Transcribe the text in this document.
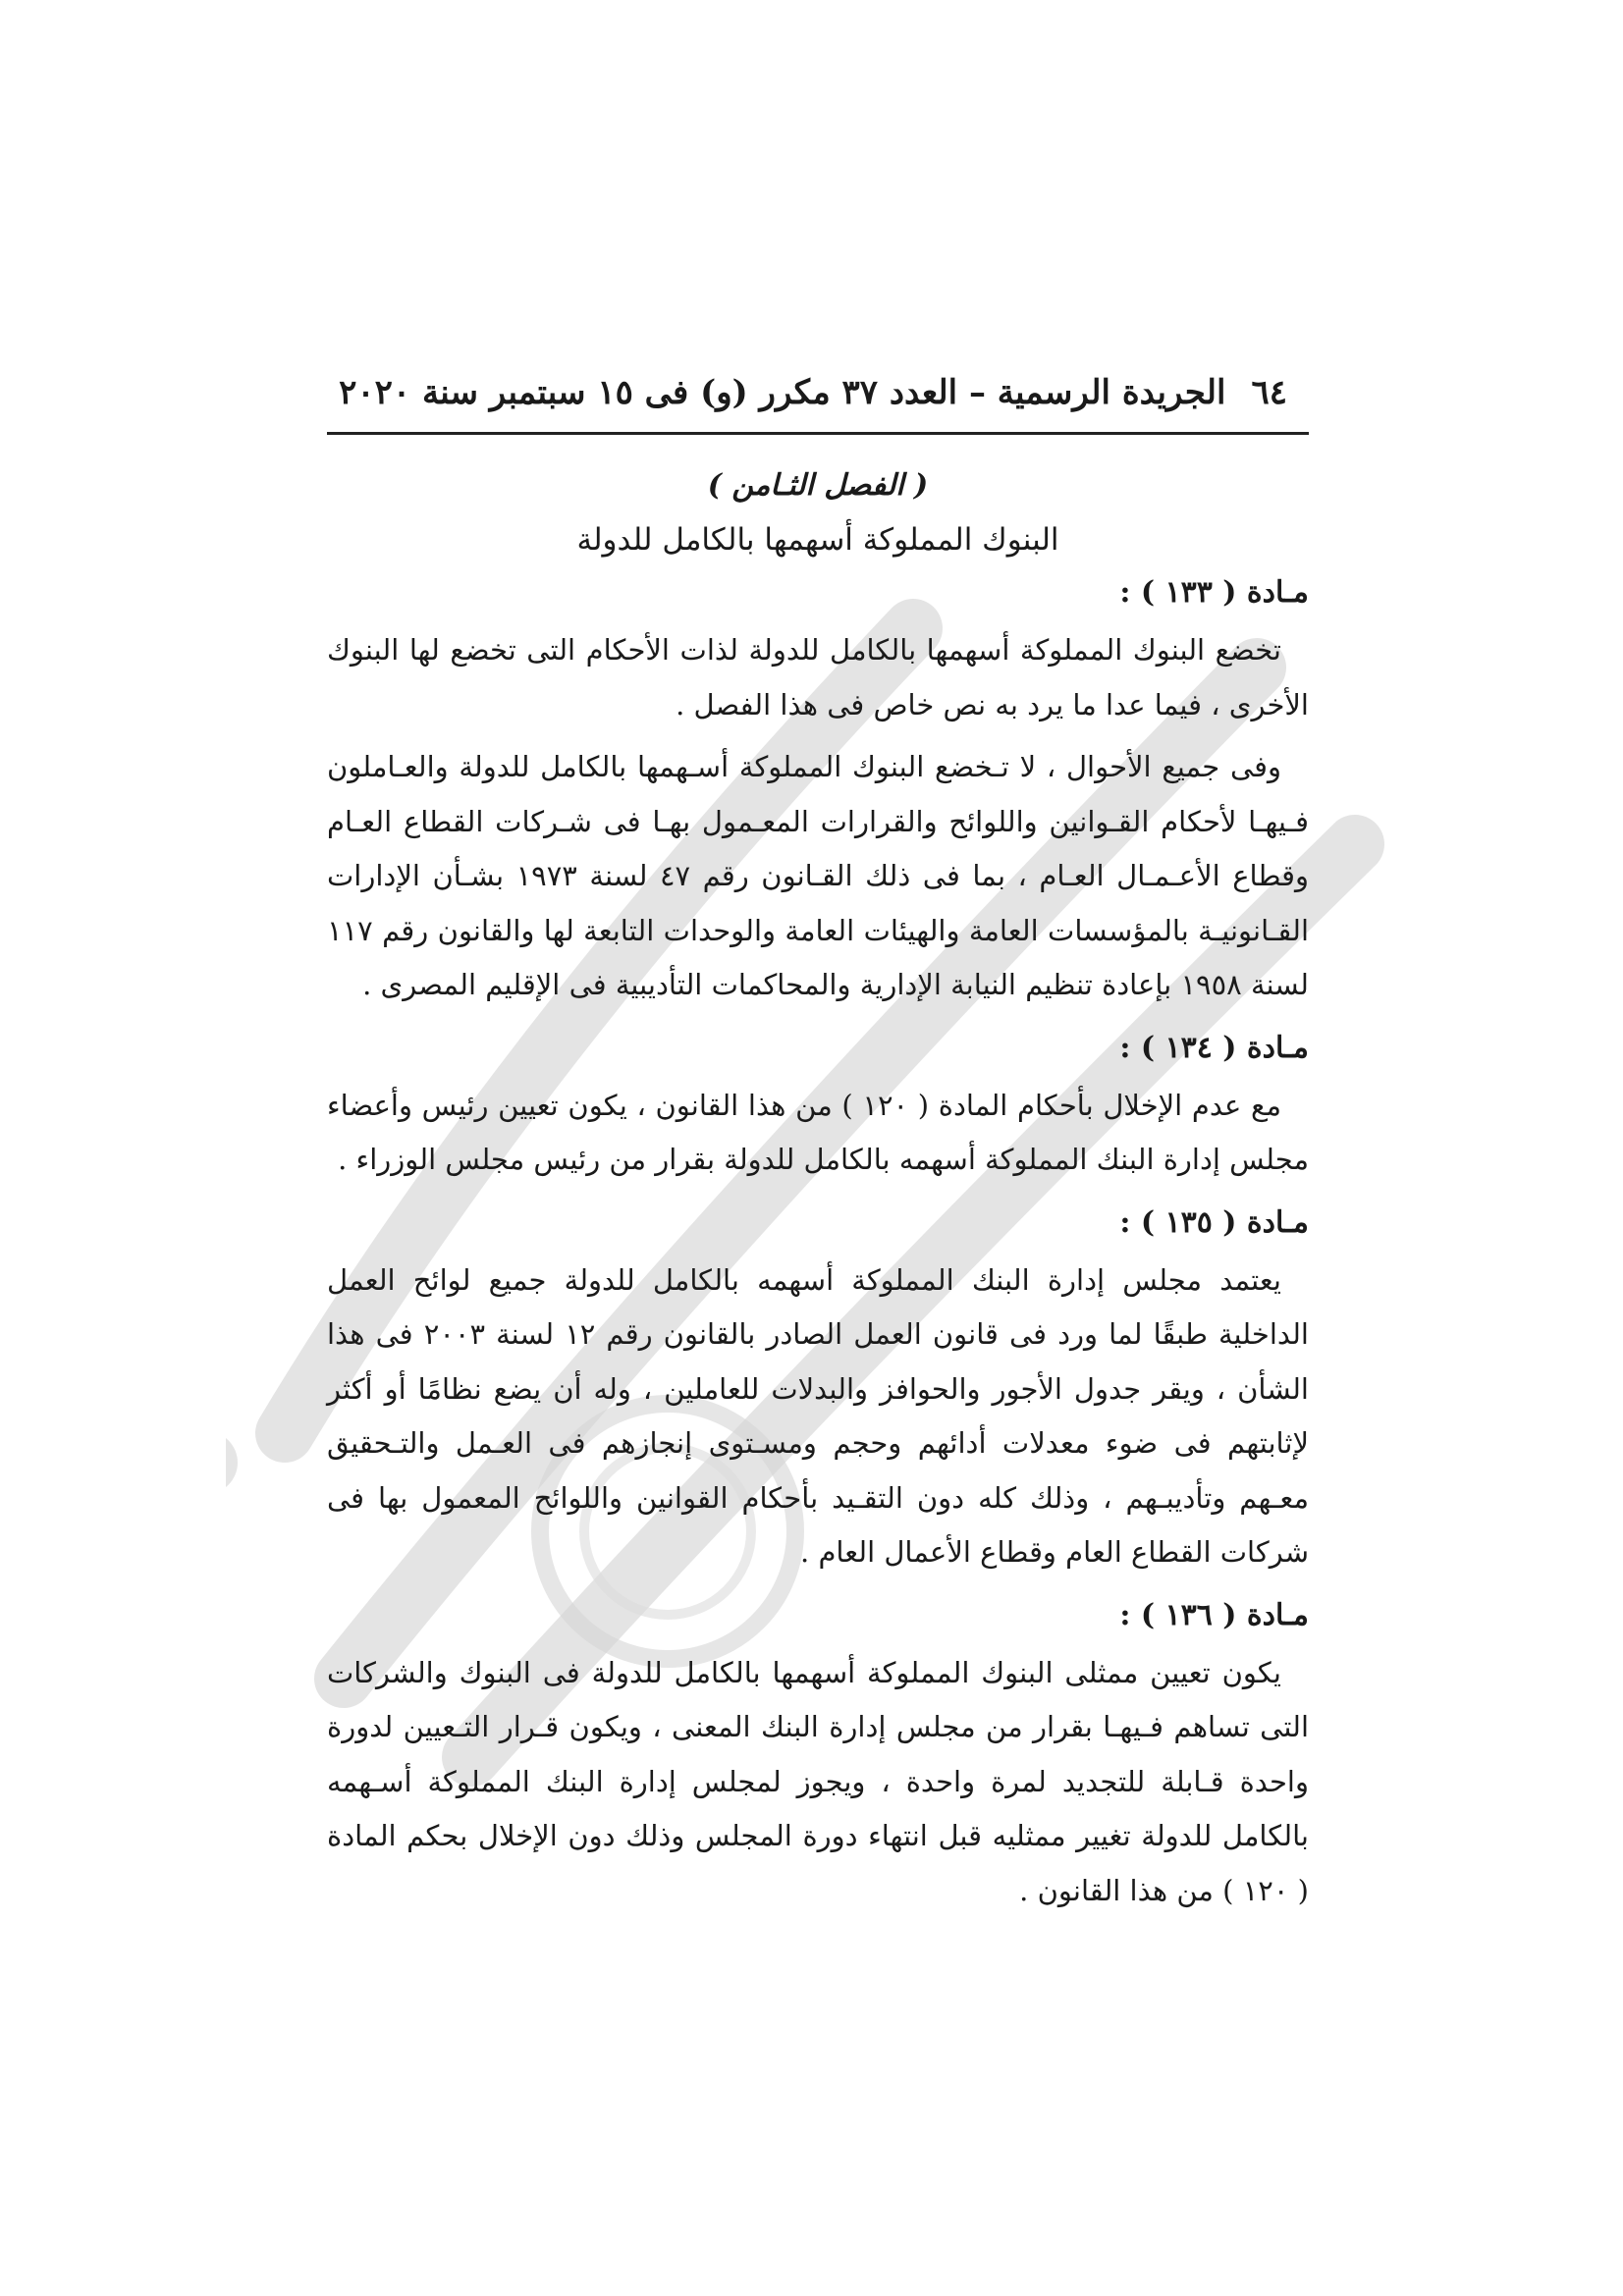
٦٤
الجريدة الرسمية – العدد ٣٧ مكرر (و) فى ١٥ سبتمبر سنة ٢٠٢٠
( الفصل الثـامن )
البنوك المملوكة أسهمها بالكامل للدولة
مـادة ( ١٣٣ ) :

تخضع البنوك المملوكة أسهمها بالكامل للدولة لذات الأحكام التى تخضع لها البنوك الأخرى ، فيما عدا ما يرد به نص خاص فى هذا الفصل .

وفى جميع الأحوال ، لا تـخضع البنوك المملوكة أسـهمها بالكامل للدولة والعـاملون فـيهـا لأحكام القـوانين واللوائح والقرارات المعـمول بهـا فى شـركات القطاع العـام وقطاع الأعـمـال العـام ، بما فى ذلك القـانون رقم ٤٧ لسنة ١٩٧٣ بشـأن الإدارات القـانونيـة بالمؤسسات العامة والهيئات العامة والوحدات التابعة لها والقانون رقم ١١٧ لسنة ١٩٥٨ بإعادة تنظيم النيابة الإدارية والمحاكمات التأديبية فى الإقليم المصرى .

مـادة ( ١٣٤ ) :

مع عدم الإخلال بأحكام المادة ( ١٢٠ ) من هذا القانون ، يكون تعيين رئيس وأعضاء مجلس إدارة البنك المملوكة أسهمه بالكامل للدولة بقرار من رئيس مجلس الوزراء .

مـادة ( ١٣٥ ) :

يعتمد مجلس إدارة البنك المملوكة أسهمه بالكامل للدولة جميع لوائح العمل الداخلية طبقًا لما ورد فى قانون العمل الصادر بالقانون رقم ١٢ لسنة ٢٠٠٣ فى هذا الشأن ، ويقر جدول الأجور والحوافز والبدلات للعاملين ، وله أن يضع نظامًا أو أكثر لإثابتهم فى ضوء معدلات أدائهم وحجم ومسـتوى إنجازهم فى العـمل والتـحقيق معـهم وتأديبـهم ، وذلك كله دون التقـيد بأحكام القوانين واللوائح المعمول بها فى شركات القطاع العام وقطاع الأعمال العام .

مـادة ( ١٣٦ ) :

يكون تعيين ممثلى البنوك المملوكة أسهمها بالكامل للدولة فى البنوك والشركات التى تساهم فـيهـا بقرار من مجلس إدارة البنك المعنى ، ويكون قـرار التـعيين لدورة واحدة قـابلة للتجديد لمرة واحدة ، ويجوز لمجلس إدارة البنك المملوكة أسـهمه بالكامل للدولة تغيير ممثليه قبل انتهاء دورة المجلس وذلك دون الإخلال بحكم المادة ( ١٢٠ ) من هذا القانون .
